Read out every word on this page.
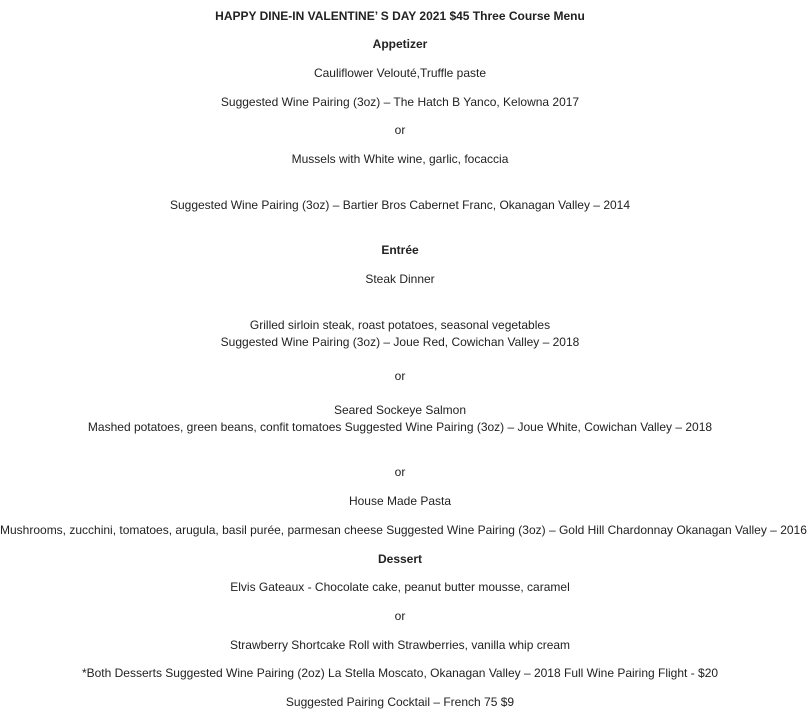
HAPPY DINE-IN VALENTINE’ S DAY 2021 $45 Three Course Menu
Appetizer
Cauliflower Velouté,Truffle paste
Suggested Wine Pairing (3oz) – The Hatch B Yanco, Kelowna 2017
or
Mussels with White wine, garlic, focaccia
Suggested Wine Pairing (3oz) – Bartier Bros Cabernet Franc, Okanagan Valley – 2014
Entrée
Steak Dinner
Grilled sirloin steak, roast potatoes, seasonal vegetables
Suggested Wine Pairing (3oz) – Joue Red, Cowichan Valley – 2018
or
Seared Sockeye Salmon
Mashed potatoes, green beans, confit tomatoes Suggested Wine Pairing (3oz) – Joue White, Cowichan Valley – 2018
or
House Made Pasta
Mushrooms, zucchini, tomatoes, arugula, basil purée, parmesan cheese Suggested Wine Pairing (3oz) – Gold Hill Chardonnay Okanagan Valley – 2016
Dessert
Elvis Gateaux - Chocolate cake, peanut butter mousse, caramel
or
Strawberry Shortcake Roll with Strawberries, vanilla whip cream
*Both Desserts Suggested Wine Pairing (2oz) La Stella Moscato, Okanagan Valley – 2018 Full Wine Pairing Flight - $20
Suggested Pairing Cocktail – French 75 $9
